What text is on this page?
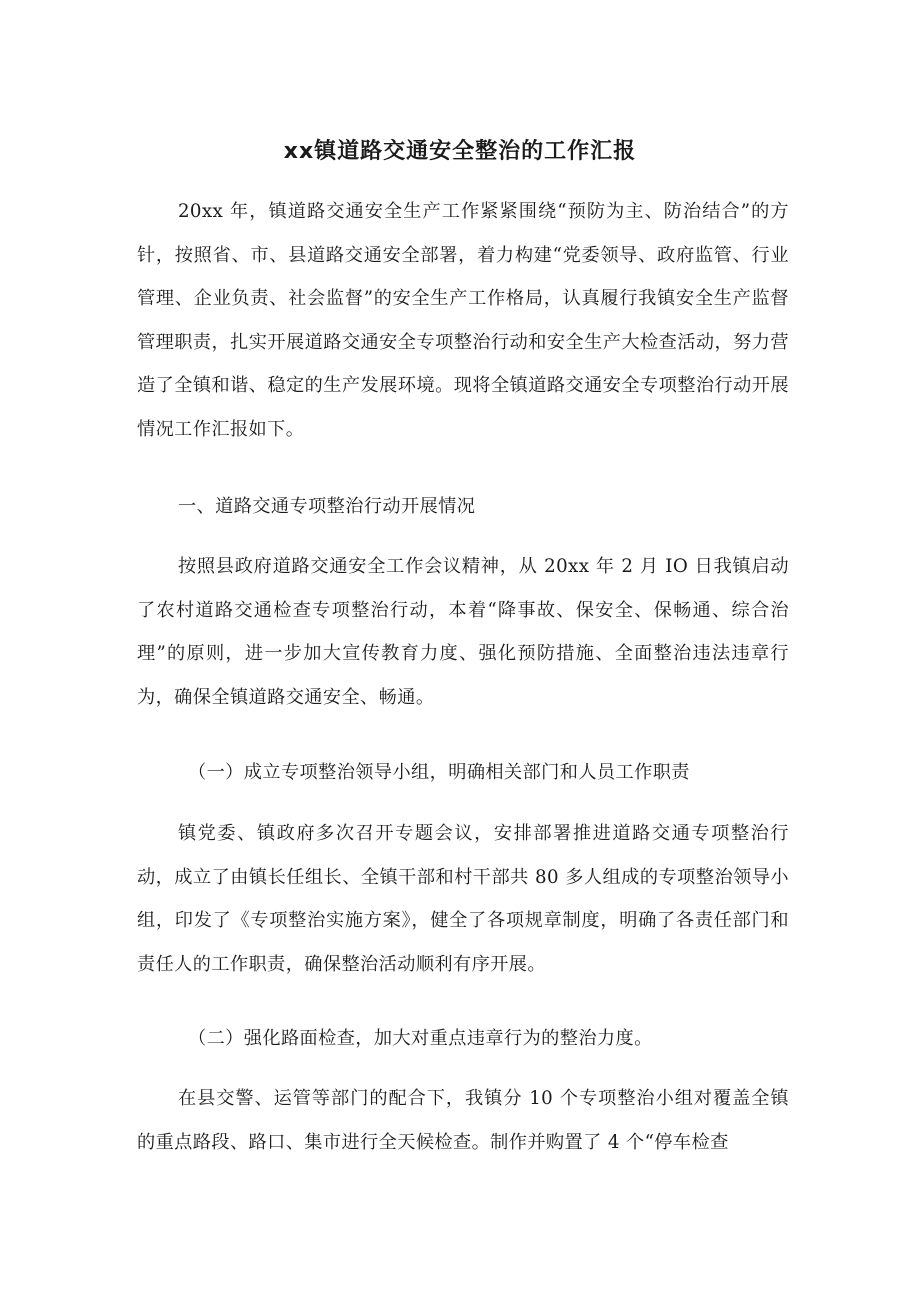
xx镇道路交通安全整治的工作汇报

20xx 年，镇道路交通安全生产工作紧紧围绕“预防为主、防治结合”的方针，按照省、市、县道路交通安全部署，着力构建“党委领导、政府监管、行业管理、企业负责、社会监督”的安全生产工作格局，认真履行我镇安全生产监督管理职责，扎实开展道路交通安全专项整治行动和安全生产大检查活动，努力营造了全镇和谐、稳定的生产发展环境。现将全镇道路交通安全专项整治行动开展情况工作汇报如下。

一、道路交通专项整治行动开展情况

按照县政府道路交通安全工作会议精神，从 20xx 年 2 月 IO 日我镇启动了农村道路交通检查专项整治行动，本着“降事故、保安全、保畅通、综合治理”的原则，进一步加大宣传教育力度、强化预防措施、全面整治违法违章行为，确保全镇道路交通安全、畅通。

（一）成立专项整治领导小组，明确相关部门和人员工作职责

镇党委、镇政府多次召开专题会议，安排部署推进道路交通专项整治行动，成立了由镇长任组长、全镇干部和村干部共 80 多人组成的专项整治领导小组，印发了《专项整治实施方案》，健全了各项规章制度，明确了各责任部门和责任人的工作职责，确保整治活动顺利有序开展。

（二）强化路面检查，加大对重点违章行为的整治力度。

在县交警、运管等部门的配合下，我镇分 10 个专项整治小组对覆盖全镇的重点路段、路口、集市进行全天候检查。制作并购置了 4 个“停车检查
